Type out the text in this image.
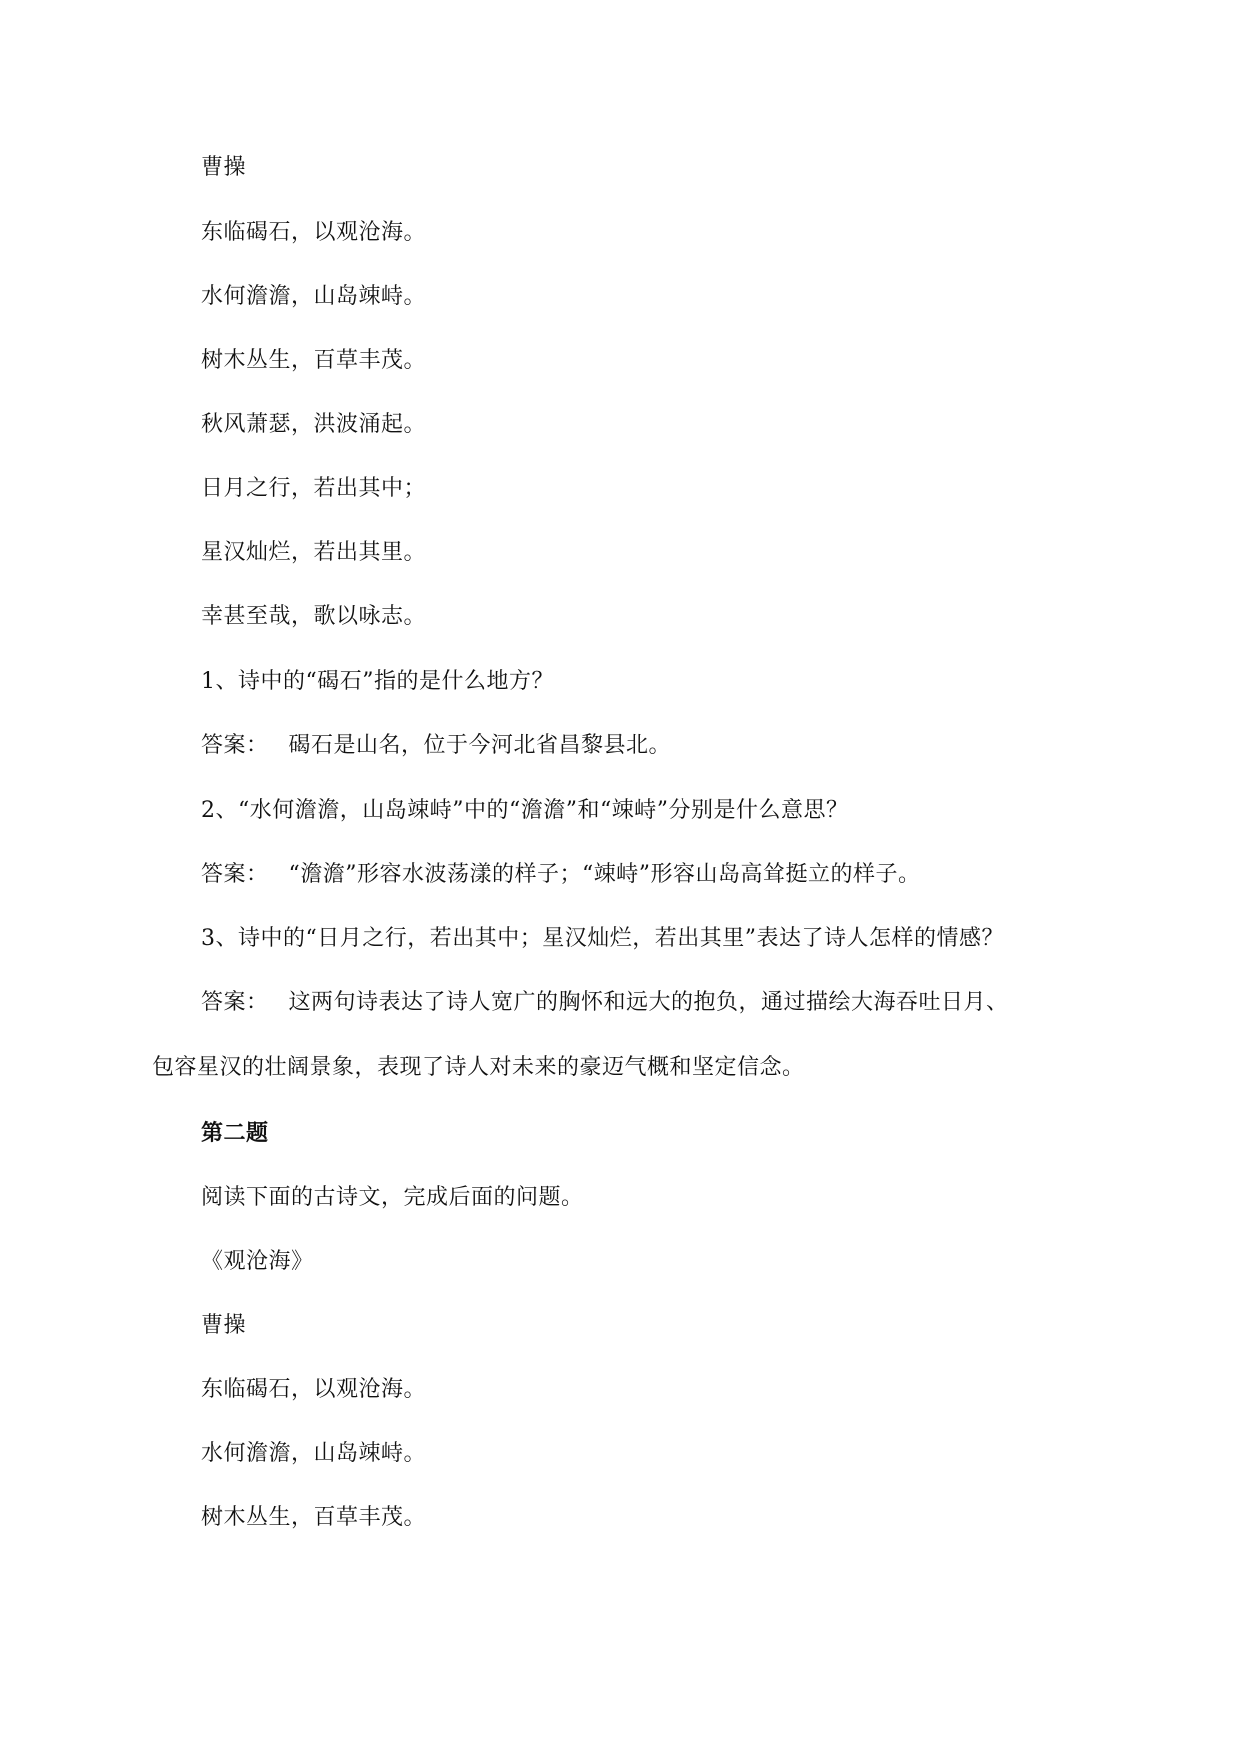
曹操
东临碣石，以观沧海。
水何澹澹，山岛竦峙。
树木丛生，百草丰茂。
秋风萧瑟，洪波涌起。
日月之行，若出其中；
星汉灿烂，若出其里。
幸甚至哉，歌以咏志。
1、诗中的“碣石”指的是什么地方？
答案： 碣石是山名，位于今河北省昌黎县北。
2、“水何澹澹，山岛竦峙”中的“澹澹”和“竦峙”分别是什么意思？
答案： “澹澹”形容水波荡漾的样子；“竦峙”形容山岛高耸挺立的样子。
3、诗中的“日月之行，若出其中；星汉灿烂，若出其里”表达了诗人怎样的情感？
答案： 这两句诗表达了诗人宽广的胸怀和远大的抱负，通过描绘大海吞吐日月、
包容星汉的壮阔景象，表现了诗人对未来的豪迈气概和坚定信念。
第二题
阅读下面的古诗文，完成后面的问题。
《观沧海》
曹操
东临碣石，以观沧海。
水何澹澹，山岛竦峙。
树木丛生，百草丰茂。
